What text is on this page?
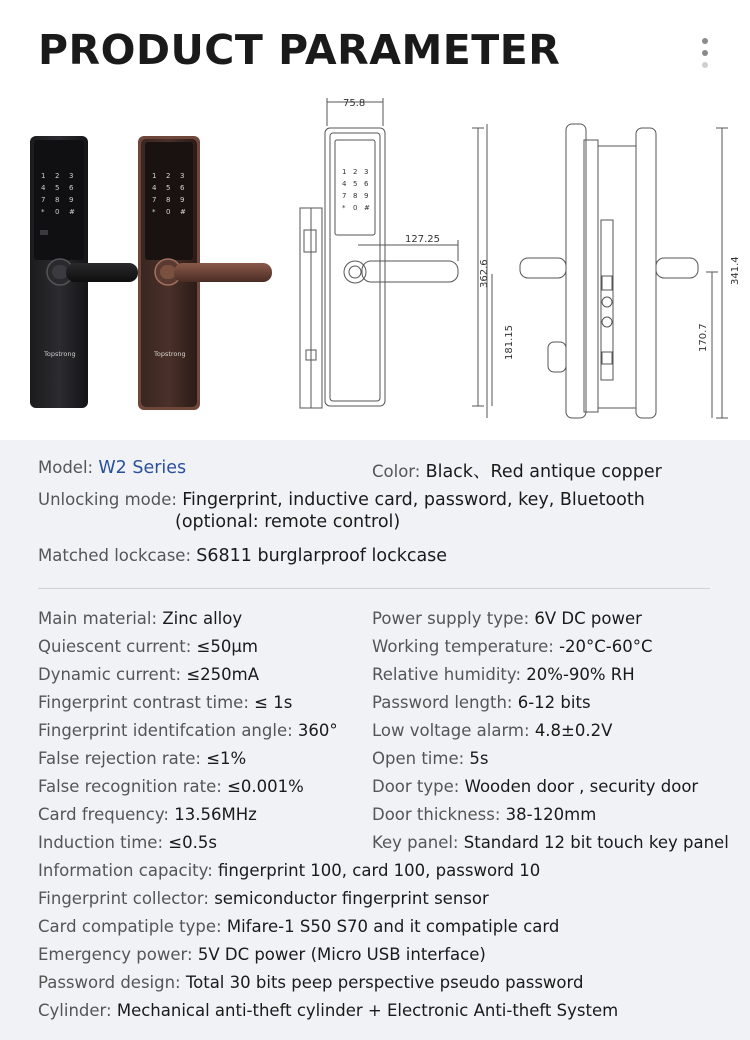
PRODUCT PARAMETER
1 2 3
4 5 6
7 8 9
* 0 #
Topstrong
1 2 3
4 5 6
7 8 9
* 0 #
Topstrong
1 2 3
4 5 6
7 8 9
* 0 #
75.8
127.25
362.6
181.15
341.4
170.7
Model: W2 Series	Color: Black、Red antique copper
Unlocking mode: Fingerprint, inductive card, password, key, Bluetooth
(optional: remote control)
Matched lockcase: S6811 burglarproof lockcase
Main material: Zinc alloy
Quiescent current: ≤50μm
Dynamic current: ≤250mA
Fingerprint contrast time: ≤ 1s
Fingerprint identifcation angle: 360°
False rejection rate: ≤1%
False recognition rate: ≤0.001%
Card frequency: 13.56MHz
Induction time: ≤0.5s
Power supply type: 6V DC power
Working temperature: -20°C-60°C
Relative humidity: 20%-90% RH
Password length: 6-12 bits
Low voltage alarm: 4.8±0.2V
Open time: 5s
Door type: Wooden door , security door
Door thickness: 38-120mm
Key panel: Standard 12 bit touch key panel
Information capacity: fingerprint 100, card 100, password 10
Fingerprint collector: semiconductor fingerprint sensor
Card compatiple type: Mifare-1 S50 S70 and it compatiple card
Emergency power: 5V DC power (Micro USB interface)
Password design: Total 30 bits peep perspective pseudo password
Cylinder: Mechanical anti-theft cylinder + Electronic Anti-theft System
